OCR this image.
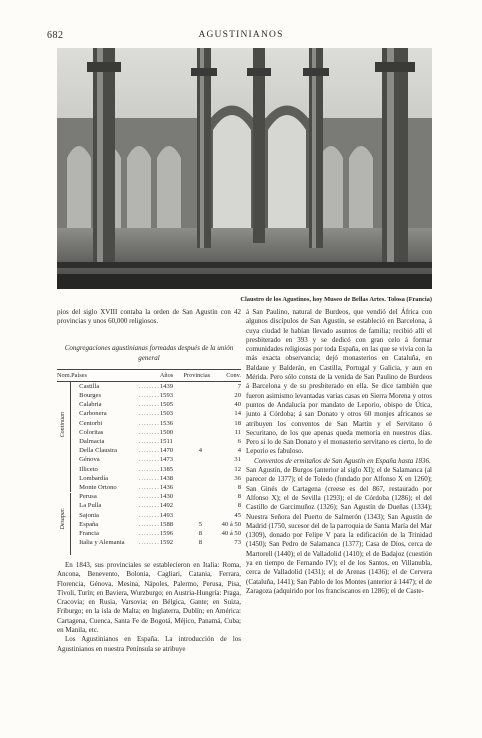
682	AGUSTINIANOS
Claustro de los Agustinos, hoy Museo de Bellas Artes. Tolosa (Francia)

pios del siglo XVIII contaba la orden de San Agustín con 42 provincias y unos 60,000 religiosos.

Congregaciones agustinianas formadas después de la unión general

Nom.	Países		Años	Provincias	Conv.
	Castilla	........	1439		7
	Bourges	........	1593		20
	Calabria	........	1505		40
	Carbonera	........	1503		14
	Centorbi	........	1536		18
	Coloritas	........	1500		11
	Dalmacia	........	1511		6
	Della Claustra	........	1470	4	4
	Génova	........	1473		31
	Illiceto	........	1385		12
	Lombardía	........	1438		36
	Monte Ortono	........	1436		8
	Perusa	........	1430		8
	La Pulla	........	1492		8
	Sajonia	........	1493		45
	España	........	1588	5	40 á 50
	Francia	........	1596	8	40 á 50
	Italia y Alemania	........	1592	8	73
Continúan
Desapar.

En 1843, sus provinciales se establecieron en Italia: Roma, Ancona, Benevento, Bolonia, Cagliari, Catania, Ferrara, Florencia, Génova, Mesina, Nápoles, Palermo, Perusa, Pisa, Tívoli, Turín; en Baviera, Wurzburgo; en Austria-Hungría: Praga, Cracovia; en Rusia, Varsovia; en Bélgica, Gante; en Suiza, Friburgo; en la isla de Malta; en Inglaterra, Dublín; en América: Cartagena, Cuenca, Santa Fe de Bogotá, Méjico, Panamá, Cuba; en Manila, etc.

Los Agustinianos en España. La introducción de los Agustinianos en nuestra Península se atribuye

á San Paulino, natural de Burdeos, que vendió del África con algunos discípulos de San Agustín, se estableció en Barcelona, á cuya ciudad le habían llevado asuntos de familia; recibió allí el presbiterado en 393 y se dedicó con gran celo á formar comunidades religiosas por toda España, en las que se vivía con la más exacta observancia; dejó monasterios en Cataluña, en Baldaue y Balderán, en Castilla, Portugal y Galicia, y aun en Mérida. Pero sólo consta de la venida de San Paulino de Burdeos á Barcelona y de su presbiterado en ella. Se dice también que fueron asimismo levantadas varias casas en Sierra Morena y otros puntos de Andalucía por mandato de Leporio, obispo de Útica, junto á Córdoba; á san Donato y otros 60 monjes africanos se atribuyen los conventos de San Martín y el Servitano ó Securitano, de los que apenas queda memoria en nuestros días. Pero si lo de San Donato y el monasterio servitano es cierto, lo de Leporio es fabuloso.

Conventos de ermitaños de San Agustín en España hasta 1836.

San Agustín, de Burgos (anterior al siglo XI); el de Salamanca (al parecer de 1377); el de Toledo (fundado por Alfonso X en 1260); San Ginés de Cartagena (creese es del 867, restaurado por Alfonso X); el de Sevilla (1293); el de Córdoba (1286); el del Castillo de Garcimuñoz (1326); San Agustín de Dueñas (1334); Nuestra Señora del Puerto de Salmerón (1343); San Agustín de Madrid (1750, sucesor del de la parroquia de Santa María del Mar (1309), donado por Felipe V para la edificación de la Trinidad (1450); San Pedro de Salamanca (1377); Casa de Dios, cerca de Martorell (1440); el de Valladolid (1410); el de Badajoz (cuestión ya en tiempo de Fernando IV); el de los Santos, en Villanubla, cerca de Valladolid (1431); el de Arenas (1436); el de Cervera (Cataluña, 1441); San Pablo de los Montes (anterior á 1447); el de Zaragoza (adquirido por los franciscanos en 1286); el de Caste-
